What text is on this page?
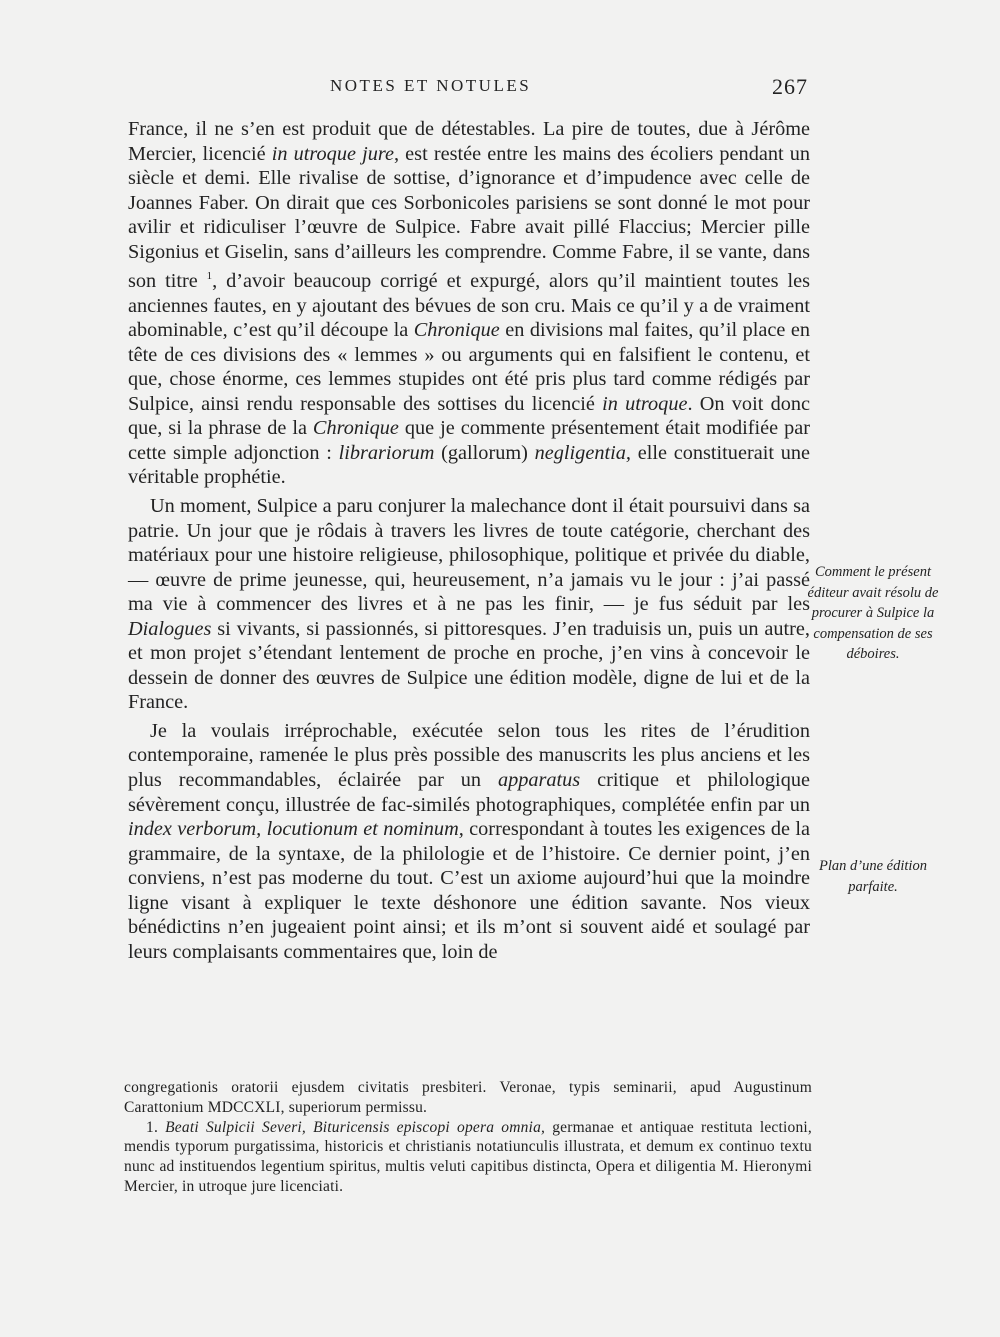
NOTES ET NOTULES	267

France, il ne s’en est produit que de détestables. La pire de toutes, due à Jérôme Mercier, licencié in utroque jure, est restée entre les mains des écoliers pendant un siècle et demi. Elle rivalise de sottise, d’ignorance et d’impudence avec celle de Joannes Faber. On dirait que ces Sorbonicoles parisiens se sont donné le mot pour avilir et ridiculiser l’œuvre de Sulpice. Fabre avait pillé Flaccius; Mercier pille Sigonius et Giselin, sans d’ailleurs les comprendre. Comme Fabre, il se vante, dans son titre $^1$, d’avoir beaucoup corrigé et expurgé, alors qu’il maintient toutes les anciennes fautes, en y ajoutant des bévues de son cru. Mais ce qu’il y a de vraiment abominable, c’est qu’il découpe la Chronique en divisions mal faites, qu’il place en tête de ces divisions des « lemmes » ou arguments qui en falsifient le contenu, et que, chose énorme, ces lemmes stupides ont été pris plus tard comme rédigés par Sulpice, ainsi rendu responsable des sottises du licencié in utroque. On voit donc que, si la phrase de la Chronique que je commente présentement était modifiée par cette simple adjonction : librariorum (gallorum) negligentia, elle constituerait une véritable prophétie.

Un moment, Sulpice a paru conjurer la malechance dont il était poursuivi dans sa patrie. Un jour que je rôdais à travers les livres de toute catégorie, cherchant des matériaux pour une histoire religieuse, philosophique, politique et privée du diable, — œuvre de prime jeunesse, qui, heureusement, n’a jamais vu le jour : j’ai passé ma vie à commencer des livres et à ne pas les finir, — je fus séduit par les Dialogues si vivants, si passionnés, si pittoresques. J’en traduisis un, puis un autre, et mon projet s’étendant lentement de proche en proche, j’en vins à concevoir le dessein de donner des œuvres de Sulpice une édition modèle, digne de lui et de la France.

Je la voulais irréprochable, exécutée selon tous les rites de l’érudition contemporaine, ramenée le plus près possible des manuscrits les plus anciens et les plus recommandables, éclairée par un apparatus critique et philologique sévèrement conçu, illustrée de fac-similés photographiques, complétée enfin par un index verborum, locutionum et nominum, correspondant à toutes les exigences de la grammaire, de la syntaxe, de la philologie et de l’histoire. Ce dernier point, j’en conviens, n’est pas moderne du tout. C’est un axiome aujourd’hui que la moindre ligne visant à expliquer le texte déshonore une édition savante. Nos vieux bénédictins n’en jugeaient point ainsi; et ils m’ont si souvent aidé et soulagé par leurs complaisants commentaires que, loin de

Comment le présent éditeur avait résolu de procurer à Sulpice la compensation de ses déboires.
Plan d’une édition parfaite.

congregationis oratorii ejusdem civitatis presbiteri. Veronae, typis seminarii, apud Augustinum Carattonium MDCCXLI, superiorum permissu.

1. Beati Sulpicii Severi, Bituricensis episcopi opera omnia, germanae et antiquae restituta lectioni, mendis typorum purgatissima, historicis et christianis notatiunculis illustrata, et demum ex continuo textu nunc ad instituendos legentium spiritus, multis veluti capitibus distincta, Opera et diligentia M. Hieronymi Mercier, in utroque jure licenciati.
